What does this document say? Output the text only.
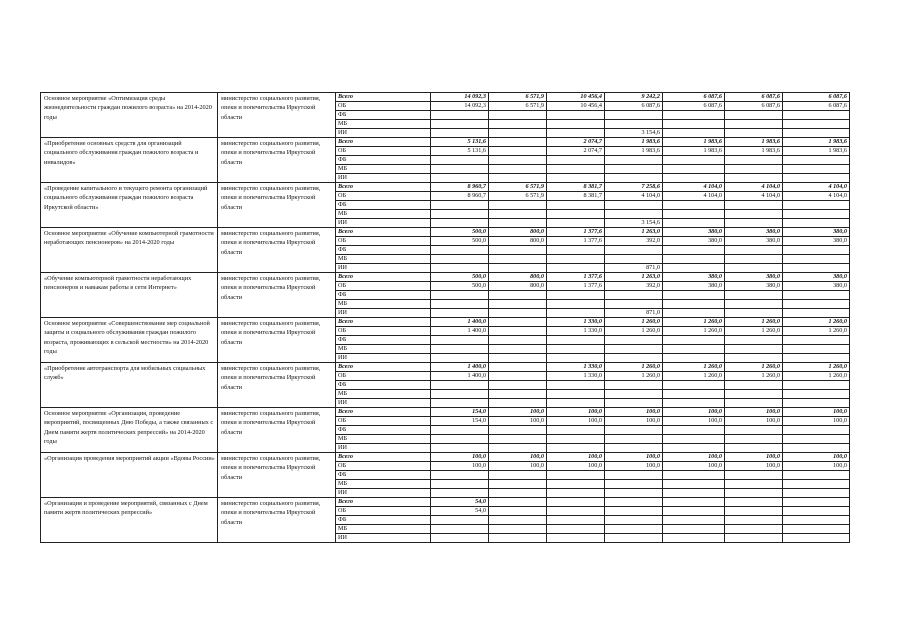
Основное мероприятие «Оптимизация среды жизнедеятельности граждан пожилого возраста» на 2014-2020 годы	министерство социального развития, опеки и попечительства Иркутской области	Всего	14 092,3	6 571,9	10 456,4	9 242,2	6 087,6	6 087,6	6 087,6
		ОБ	14 092,3	6 571,9	10 456,4	6 087,6	6 087,6	6 087,6	6 087,6
		ФБ							
		МБ							
		ИИ				3 154,6			
«Приобретение основных средств для организаций социального обслуживания граждан пожилого возраста и инвалидов»	министерство социального развития, опеки и попечительства Иркутской области	Всего	5 131,6		2 074,7	1 983,6	1 983,6	1 983,6	1 983,6
		ОБ	5 131,6		2 074,7	1 983,6	1 983,6	1 983,6	1 983,6
		ФБ							
		МБ							
		ИИ							
«Проведение капитального и текущего ремонта организаций социального обслуживания граждан пожилого возраста Иркутской области»	министерство социального развития, опеки и попечительства Иркутской области	Всего	8 960,7	6 571,9	8 381,7	7 258,6	4 104,0	4 104,0	4 104,0
		ОБ	8 960,7	6 571,9	8 381,7	4 104,0	4 104,0	4 104,0	4 104,0
		ФБ							
		МБ							
		ИИ				3 154,6			
Основное мероприятие «Обучение компьютерной грамотности неработающих пенсионеров» на 2014-2020 годы	министерство социального развития, опеки и попечительства Иркутской области	Всего	500,0	800,0	1 377,6	1 263,0	380,0	380,0	380,0
		ОБ	500,0	800,0	1 377,6	392,0	380,0	380,0	380,0
		ФБ							
		МБ							
		ИИ				871,0			
«Обучение компьютерной грамотности неработающих пенсионеров и навыкам работы в сети Интернет»	министерство социального развития, опеки и попечительства Иркутской области	Всего	500,0	800,0	1 377,6	1 263,0	380,0	380,0	380,0
		ОБ	500,0	800,0	1 377,6	392,0	380,0	380,0	380,0
		ФБ							
		МБ							
		ИИ				871,0			
Основное мероприятие «Совершенствование мер социальной защиты и социального обслуживания граждан пожилого возраста, проживающих в сельской местности» на 2014-2020 годы	министерство социального развития, опеки и попечительства Иркутской области	Всего	1 400,0		1 330,0	1 260,0	1 260,0	1 260,0	1 260,0
		ОБ	1 400,0		1 330,0	1 260,0	1 260,0	1 260,0	1 260,0
		ФБ							
		МБ							
		ИИ							
«Приобретение автотранспорта для мобильных социальных служб»	министерство социального развития, опеки и попечительства Иркутской области	Всего	1 400,0		1 330,0	1 260,0	1 260,0	1 260,0	1 260,0
		ОБ	1 400,0		1 330,0	1 260,0	1 260,0	1 260,0	1 260,0
		ФБ							
		МБ							
		ИИ							
Основное мероприятие «Организация, проведение мероприятий, посвященных Дню Победы, а также связанных с Днем памяти жертв политических репрессий» на 2014-2020 годы	министерство социального развития, опеки и попечительства Иркутской области	Всего	154,0	100,0	100,0	100,0	100,0	100,0	100,0
		ОБ	154,0	100,0	100,0	100,0	100,0	100,0	100,0
		ФБ							
		МБ							
		ИИ							
«Организация проведения мероприятий акции «Вдовы России»	министерство социального развития, опеки и попечительства Иркутской области	Всего	100,0	100,0	100,0	100,0	100,0	100,0	100,0
		ОБ	100,0	100,0	100,0	100,0	100,0	100,0	100,0
		ФБ							
		МБ							
		ИИ							
«Организация и проведение мероприятий, связанных с Днем памяти жертв политических репрессий»	министерство социального развития, опеки и попечительства Иркутской области	Всего	54,0						
		ОБ	54,0						
		ФБ							
		МБ							
		ИИ							
